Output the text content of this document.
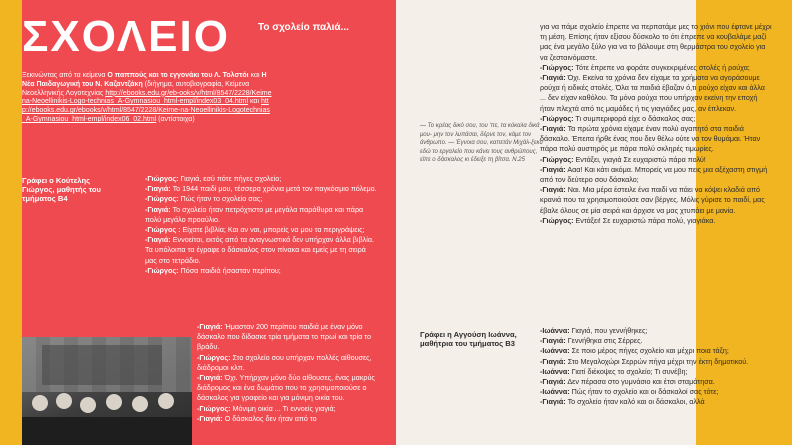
ΣΧΟΛΕΙΟ	Το σχολείο παλιά...
Ξεκινώντας από τα κείμενα Ο παππούς και το εγγονάκι του Λ. Τολστόι και Η Νέα Παιδαγωγική του Ν. Καζαντζάκη (διήγημα, αυτοβιογραφία, Κείμενα Νεοελληνικής Λογοτεχνίας http://ebooks.edu.gr/eb-ooks/v/html/8547/2228/Keimena-Neoellinikis-Logo-technias_A-Gymnasiou_html-empl/index03_04.html και http://ebooks.edu.gr/ebooks/v/html/8547/2228/Keime-na-Neoellinikis-Logotechnias_A-Gymnasiou_html-empl/index06_02.html (αντίστοιχα)
Γράφει ο Κούτελης
Γιώργος, μαθητής του
τμήματος Β4

-Γιώργος: Γιαγιά, εσύ πότε πήγες σχολείο;

-Γιαγιά: Το 1944 παιδί μου, τέσσερα χρόνια μετά τον παγκόσμιο πόλεμο.

-Γιώργος: Πώς ήταν το σχολείο σας;

-Γιαγιά: Το σχολείο ήταν πετρόχτιστο με μεγάλα παράθυρα και πάρα πολύ μεγάλο προαύλιο.

-Γιώργος : Είχατε βιβλία; Και αν ναι, μπορείς να μου τα περιγράψεις;

-Γιαγιά: Εννοείται, εκτός από τα αναγνωστικά δεν υπήρχαν άλλα βιβλία. Τα υπόλοιπα τα έγραφε ο δάσκαλος στον πίνακα και εμείς με τη σειρά μας στο τετράδιο.

-Γιώργος: Πόσα παιδιά ήσασταν περίπου;

-Γιαγιά: Ήμασταν 200 περίπου παιδιά με έναν μόνο δάσκαλο που δίδασκε τρία τμήματα το πρωί και τρία το βράδυ.

-Γιώργος: Στο σχολείο σου υπήρχαν πολλές αίθουσες, διάδρομοι κλπ.

-Γιαγιά: Όχι. Υπήρχαν μόνο δύο αίθουσες, ένας μακρύς διάδρομος και ένα δωμάτιο που το χρησιμοποιούσε ο δάσκαλος για γραφείο και για μόνιμη οικία του.

-Γιώργος: Μόνιμη οικία ... Τι εννοείς γιαγιά;

-Γιαγιά: Ο δάσκαλος δεν ήταν από το

— Το κρέας δικό σου, του 'πε, τα κόκαλα δικά μου- μην τον λυπάσαι, δέρνε τον, κάμε τον άνθρωπο. — Έγνοια σου, καπετάν Μιχάλ-ξεκυ εδώ το εργαλείο που κάνει τους ανθρώπους, είπε ο δάσκαλος κι έδειξε τη βίτσα. Ν.25

για να πάμε σχολείο έπρεπε να περπατάμε μες το χιόνι που έφτανε μέχρι τη μέση. Επίσης ήταν εξίσου δύσκολο το ότι έπρεπε να κουβαλάμε μαζί μας ένα μεγάλο ξύλο για να το βάλουμε στη θερμάστρα του σχολείο για να ζεσταινόμαστε.

-Γιώργος: Τότε έπρεπε να φοράτε συγκεκριμένες στολές ή ρούχα;

-Γιαγιά: Όχι. Εκείνα τα χρόνια δεν είχαμε τα χρήματα να αγοράσουμε ρούχα ή ειδικές στολές. Όλα τα παιδιά έβαζαν ό,τι ρούχο είχαν και άλλα ... δεν είχαν καθόλου. Τα μόνα ρούχα που υπήρχαν εκείνη την εποχή ήταν πλεχτά από τις μαμάδες ή τις γιαγιάδες μας, αν έπλεκαν.

-Γιώργος: Τι συμπεριφορά είχε ο δάσκαλος σας;

-Γιαγιά: Τα πρώτα χρόνια είχαμε έναν πολύ αγαπητό στα παιδιά δάσκαλο. Έπειτα ήρθε ένας που δεν θέλω ούτε να τον θυμάμαι. Ήταν πάρα πολύ αυστηρός με πάρα πολύ σκληρές τιμωρίες.

-Γιώργος: Εντάξει, γιαγιά Σε ευχαριστώ πάρα πολύ!

-Γιαγιά: Ααα! Και κάτι ακόμα. Μπορείς να μου πεις μια αξέχαστη στιγμή από τον δεύτερο σου δάσκαλο;

-Γιαγιά: Ναι. Μια μέρα έστειλε ένα παιδί να πάει να κόψει κλαδιά από κρανιά που τα χρησιμοποιούσε σαν βέργες. Μόλις γύρισε το παιδί, μας έβαλε όλους σε μία σειρά και άρχισε να μας χτυπάει με μανία.

-Γιώργος: Εντάξει! Σε ευχαριστώ πάρα πολύ, γιαγιάκα.

Γράφει η Αγγούση Ιωάννα,
μαθήτρια του τμήματος Β3

-Ιωάννα: Γιαγιά, που γεννήθηκες;

-Γιαγιά: Γεννήθηκα στις Σέρρες.

-Ιωάννα: Σε ποιο μέρος πήγες σχολείο και μέχρι ποια τάξη;

-Γιαγιά: Στο Μεγαλοχώρι Σερρών πήγα μέχρι την έκτη δημοτικού.

-Ιωάννα: Γιατί διέκοψες το σχολείο; Τι συνέβη;

-Γιαγιά: Δεν πέρασα στο γυμνάσιο και έτσι σταμάτησα.

-Ιωάννα: Πώς ήταν το σχολείο και οι δάσκαλοί σας τότε;

-Γιαγιά: Το σχολείο ήταν καλό και οι δάσκαλοι, αλλά
